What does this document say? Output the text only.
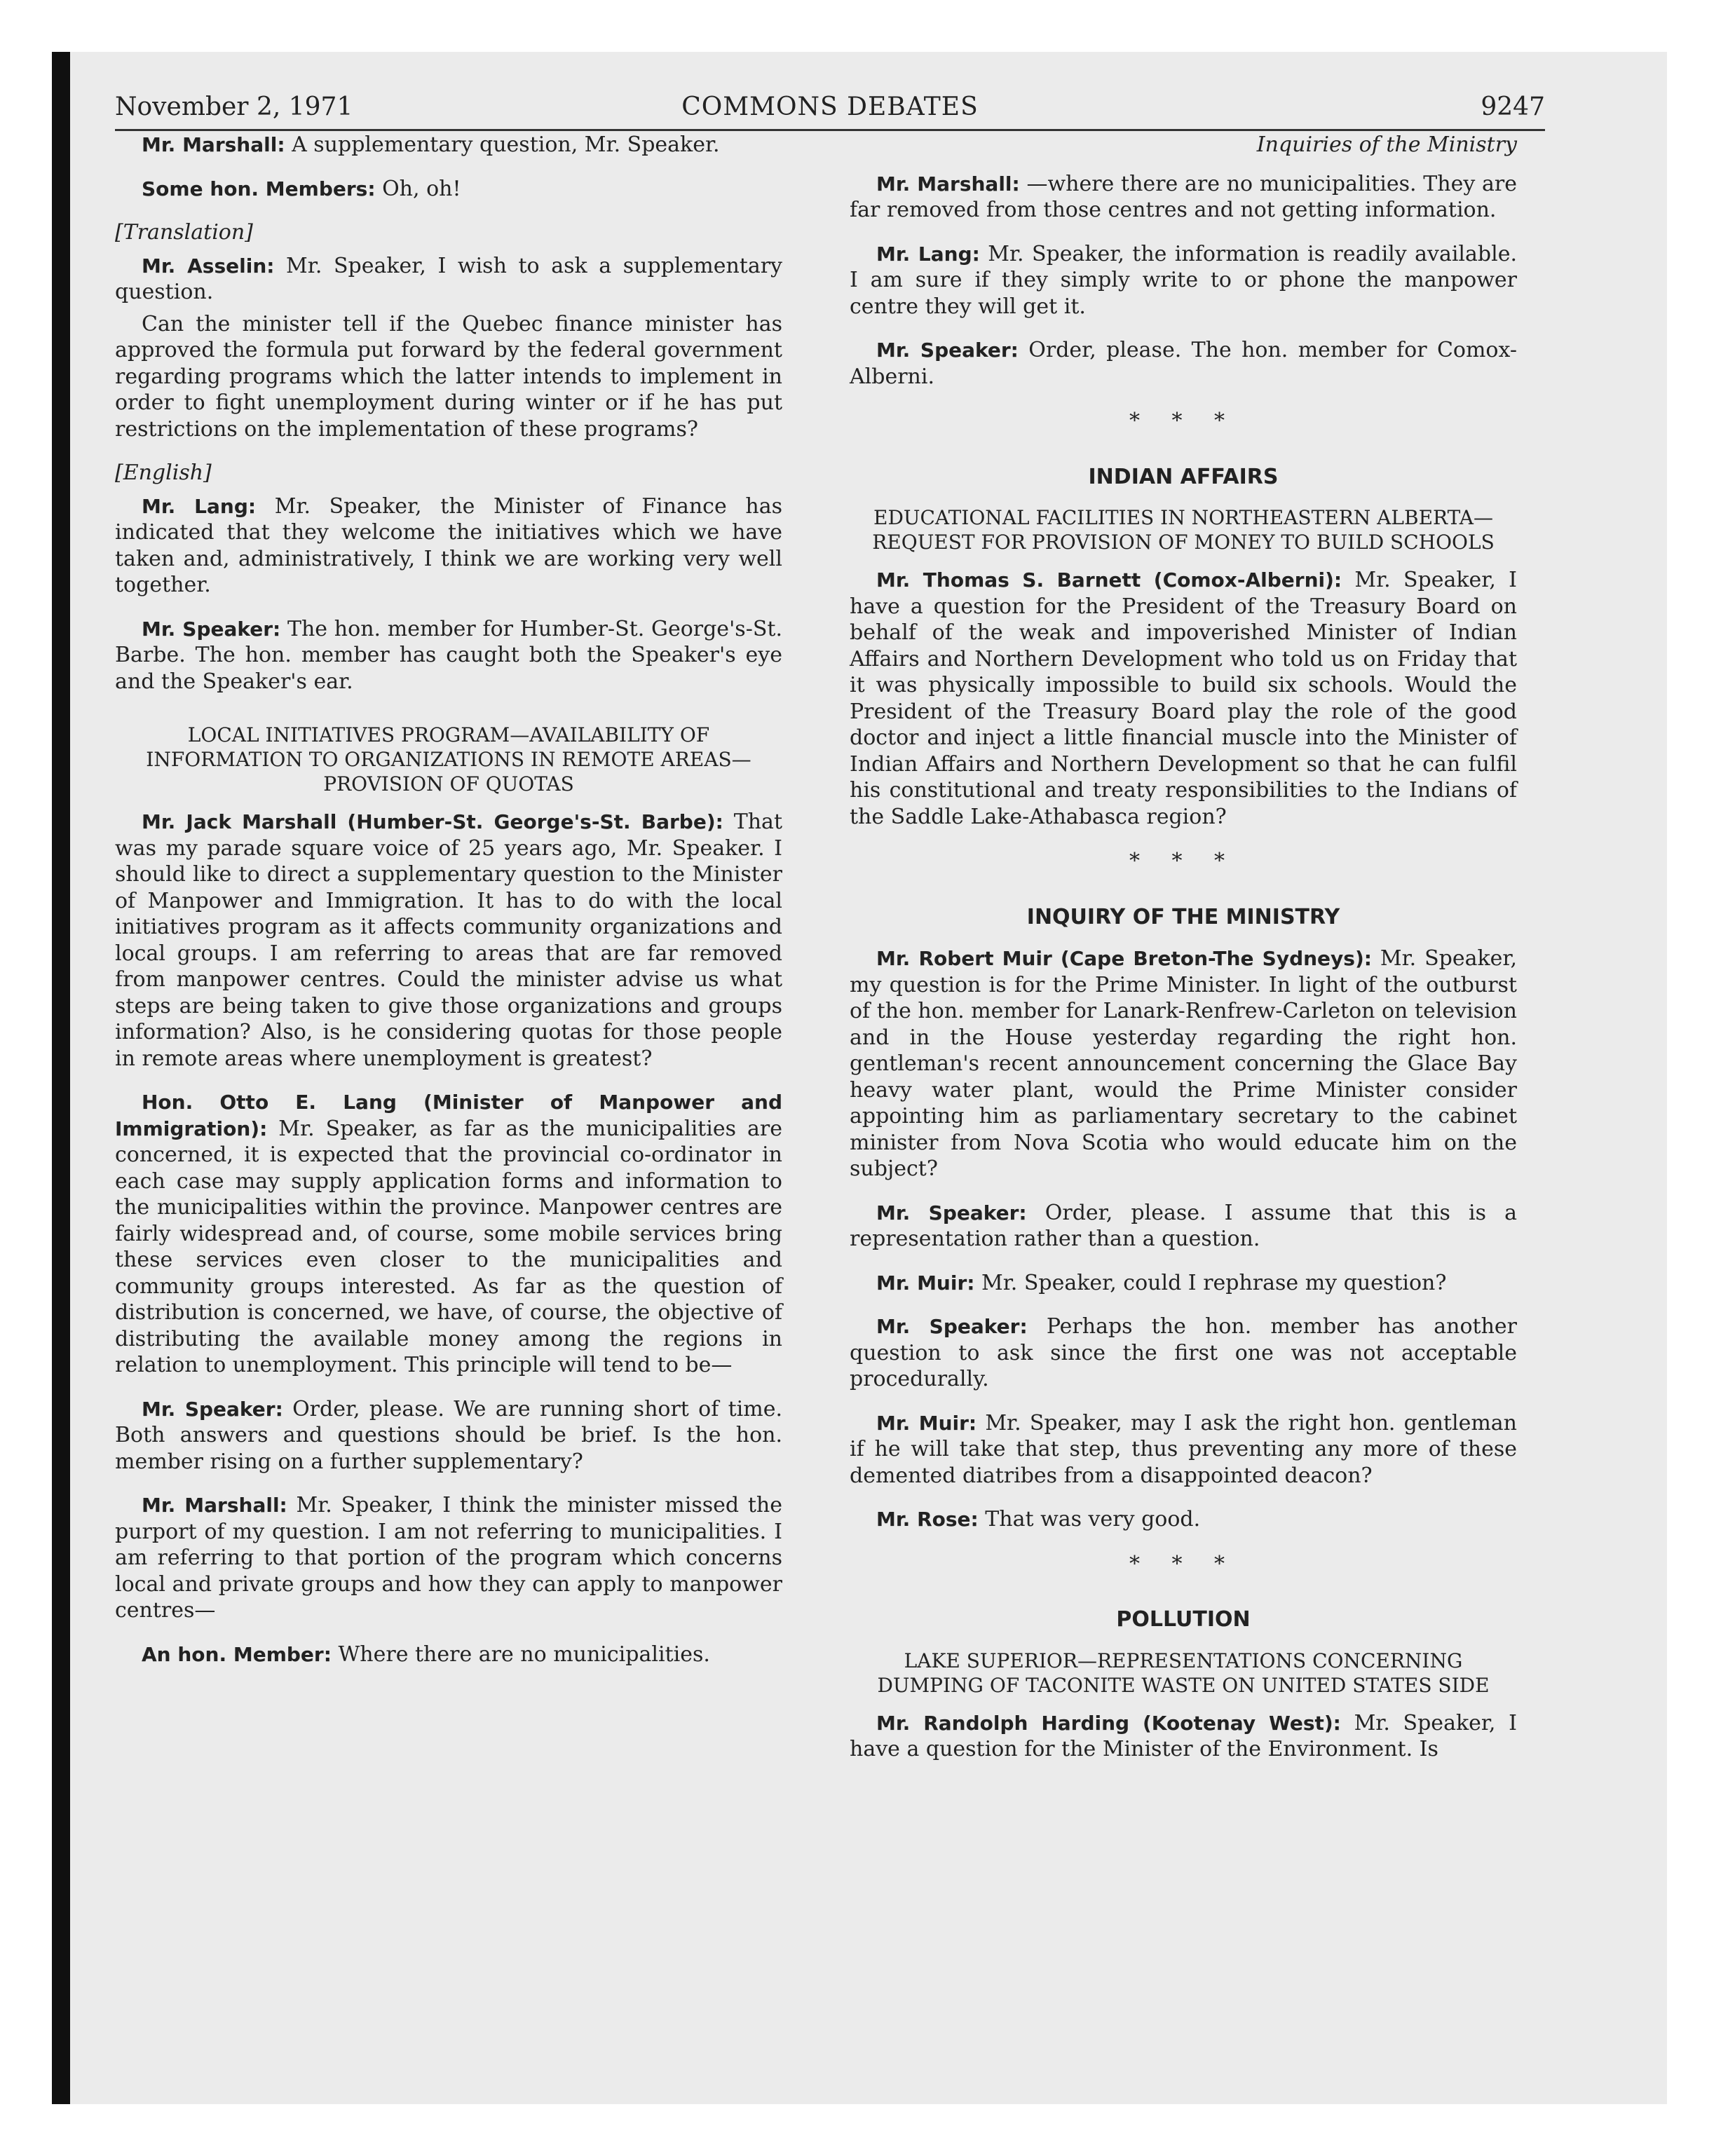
November 2, 1971	COMMONS DEBATES	9247

Mr. Marshall: A supplementary question, Mr. Speaker.

Some hon. Members: Oh, oh!

[Translation]

Mr. Asselin: Mr. Speaker, I wish to ask a supplementary question.

Can the minister tell if the Quebec finance minister has approved the formula put forward by the federal government regarding programs which the latter intends to implement in order to fight unemployment during winter or if he has put restrictions on the implementation of these programs?

[English]

Mr. Lang: Mr. Speaker, the Minister of Finance has indicated that they welcome the initiatives which we have taken and, administratively, I think we are working very well together.

Mr. Speaker: The hon. member for Humber-St. George's-St. Barbe. The hon. member has caught both the Speaker's eye and the Speaker's ear.

LOCAL INITIATIVES PROGRAM—AVAILABILITY OF INFORMATION TO ORGANIZATIONS IN REMOTE AREAS—PROVISION OF QUOTAS

Mr. Jack Marshall (Humber-St. George's-St. Barbe): That was my parade square voice of 25 years ago, Mr. Speaker. I should like to direct a supplementary question to the Minister of Manpower and Immigration. It has to do with the local initiatives program as it affects community organizations and local groups. I am referring to areas that are far removed from manpower centres. Could the minister advise us what steps are being taken to give those organizations and groups information? Also, is he considering quotas for those people in remote areas where unemployment is greatest?

Hon. Otto E. Lang (Minister of Manpower and Immigration): Mr. Speaker, as far as the municipalities are concerned, it is expected that the provincial co-ordinator in each case may supply application forms and information to the municipalities within the province. Manpower centres are fairly widespread and, of course, some mobile services bring these services even closer to the municipalities and community groups interested. As far as the question of distribution is concerned, we have, of course, the objective of distributing the available money among the regions in relation to unemployment. This principle will tend to be—

Mr. Speaker: Order, please. We are running short of time. Both answers and questions should be brief. Is the hon. member rising on a further supplementary?

Mr. Marshall: Mr. Speaker, I think the minister missed the purport of my question. I am not referring to municipalities. I am referring to that portion of the program which concerns local and private groups and how they can apply to manpower centres—

An hon. Member: Where there are no municipalities.

Inquiries of the Ministry

Mr. Marshall: —where there are no municipalities. They are far removed from those centres and not getting information.

Mr. Lang: Mr. Speaker, the information is readily available. I am sure if they simply write to or phone the manpower centre they will get it.

Mr. Speaker: Order, please. The hon. member for Comox-Alberni.

* * *

INDIAN AFFAIRS

EDUCATIONAL FACILITIES IN NORTHEASTERN ALBERTA—REQUEST FOR PROVISION OF MONEY TO BUILD SCHOOLS

Mr. Thomas S. Barnett (Comox-Alberni): Mr. Speaker, I have a question for the President of the Treasury Board on behalf of the weak and impoverished Minister of Indian Affairs and Northern Development who told us on Friday that it was physically impossible to build six schools. Would the President of the Treasury Board play the role of the good doctor and inject a little financial muscle into the Minister of Indian Affairs and Northern Development so that he can fulfil his constitutional and treaty responsibilities to the Indians of the Saddle Lake-Athabasca region?

* * *

INQUIRY OF THE MINISTRY

Mr. Robert Muir (Cape Breton-The Sydneys): Mr. Speaker, my question is for the Prime Minister. In light of the outburst of the hon. member for Lanark-Renfrew-Carleton on television and in the House yesterday regarding the right hon. gentleman's recent announcement concerning the Glace Bay heavy water plant, would the Prime Minister consider appointing him as parliamentary secretary to the cabinet minister from Nova Scotia who would educate him on the subject?

Mr. Speaker: Order, please. I assume that this is a representation rather than a question.

Mr. Muir: Mr. Speaker, could I rephrase my question?

Mr. Speaker: Perhaps the hon. member has another question to ask since the first one was not acceptable procedurally.

Mr. Muir: Mr. Speaker, may I ask the right hon. gentleman if he will take that step, thus preventing any more of these demented diatribes from a disappointed deacon?

Mr. Rose: That was very good.

* * *

POLLUTION

LAKE SUPERIOR—REPRESENTATIONS CONCERNING DUMPING OF TACONITE WASTE ON UNITED STATES SIDE

Mr. Randolph Harding (Kootenay West): Mr. Speaker, I have a question for the Minister of the Environment. Is
